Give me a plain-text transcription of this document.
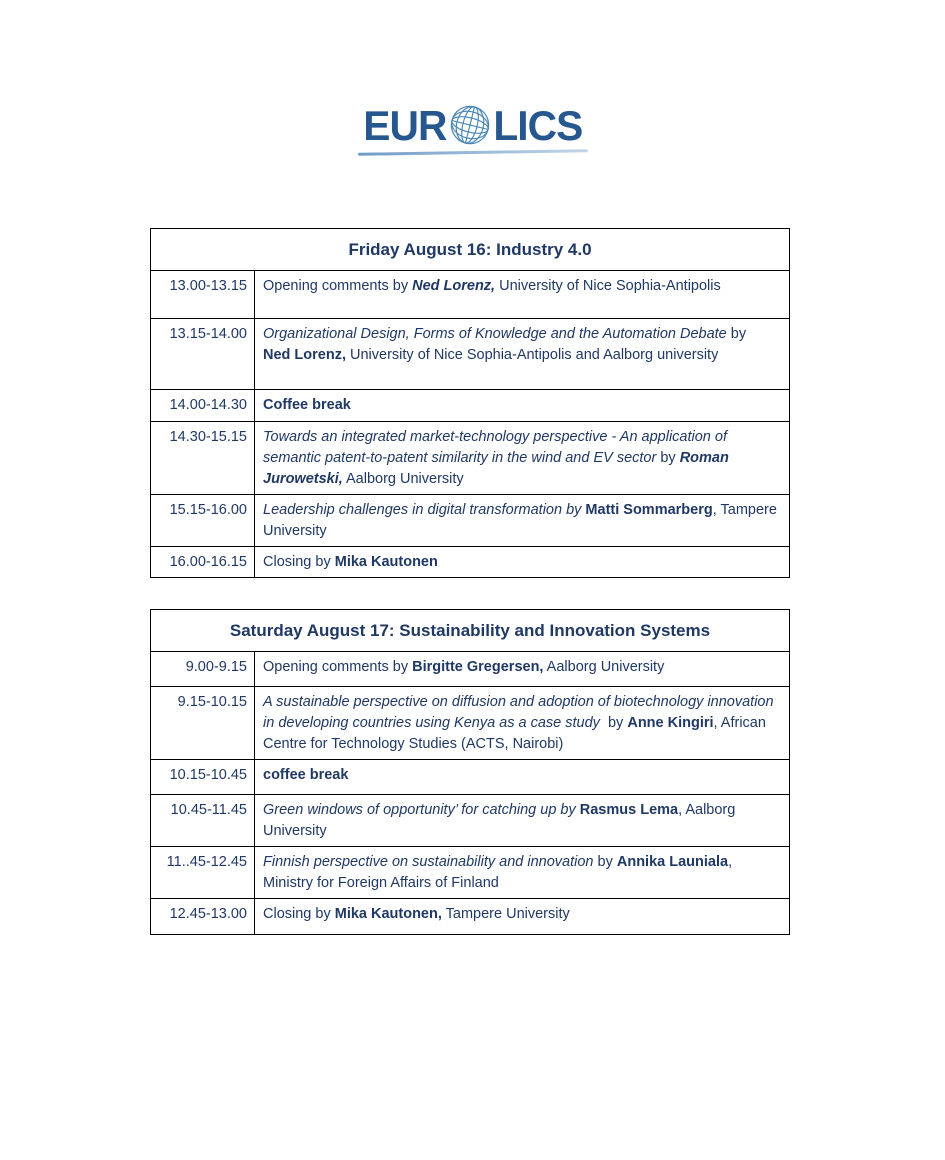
EUR LICS
Friday August 16: Industry 4.0
13.00-13.15	Opening comments by Ned Lorenz, University of Nice Sophia-Antipolis
13.15-14.00	Organizational Design, Forms of Knowledge and the Automation Debate by Ned Lorenz, University of Nice Sophia-Antipolis and Aalborg university
14.00-14.30	Coffee break
14.30-15.15	Towards an integrated market-technology perspective - An application of semantic patent-to-patent similarity in the wind and EV sector by Roman Jurowetski, Aalborg University
15.15-16.00	Leadership challenges in digital transformation by Matti Sommarberg, Tampere University
16.00-16.15	Closing by Mika Kautonen
Saturday August 17: Sustainability and Innovation Systems
9.00-9.15	Opening comments by Birgitte Gregersen, Aalborg University
9.15-10.15	A sustainable perspective on diffusion and adoption of biotechnology innovation in developing countries using Kenya as a case study  by Anne Kingiri, African Centre for Technology Studies (ACTS, Nairobi)
10.15-10.45	coffee break
10.45-11.45	Green windows of opportunity’ for catching up by Rasmus Lema, Aalborg University
11..45-12.45	Finnish perspective on sustainability and innovation by Annika Launiala, Ministry for Foreign Affairs of Finland
12.45-13.00	Closing by Mika Kautonen, Tampere University
